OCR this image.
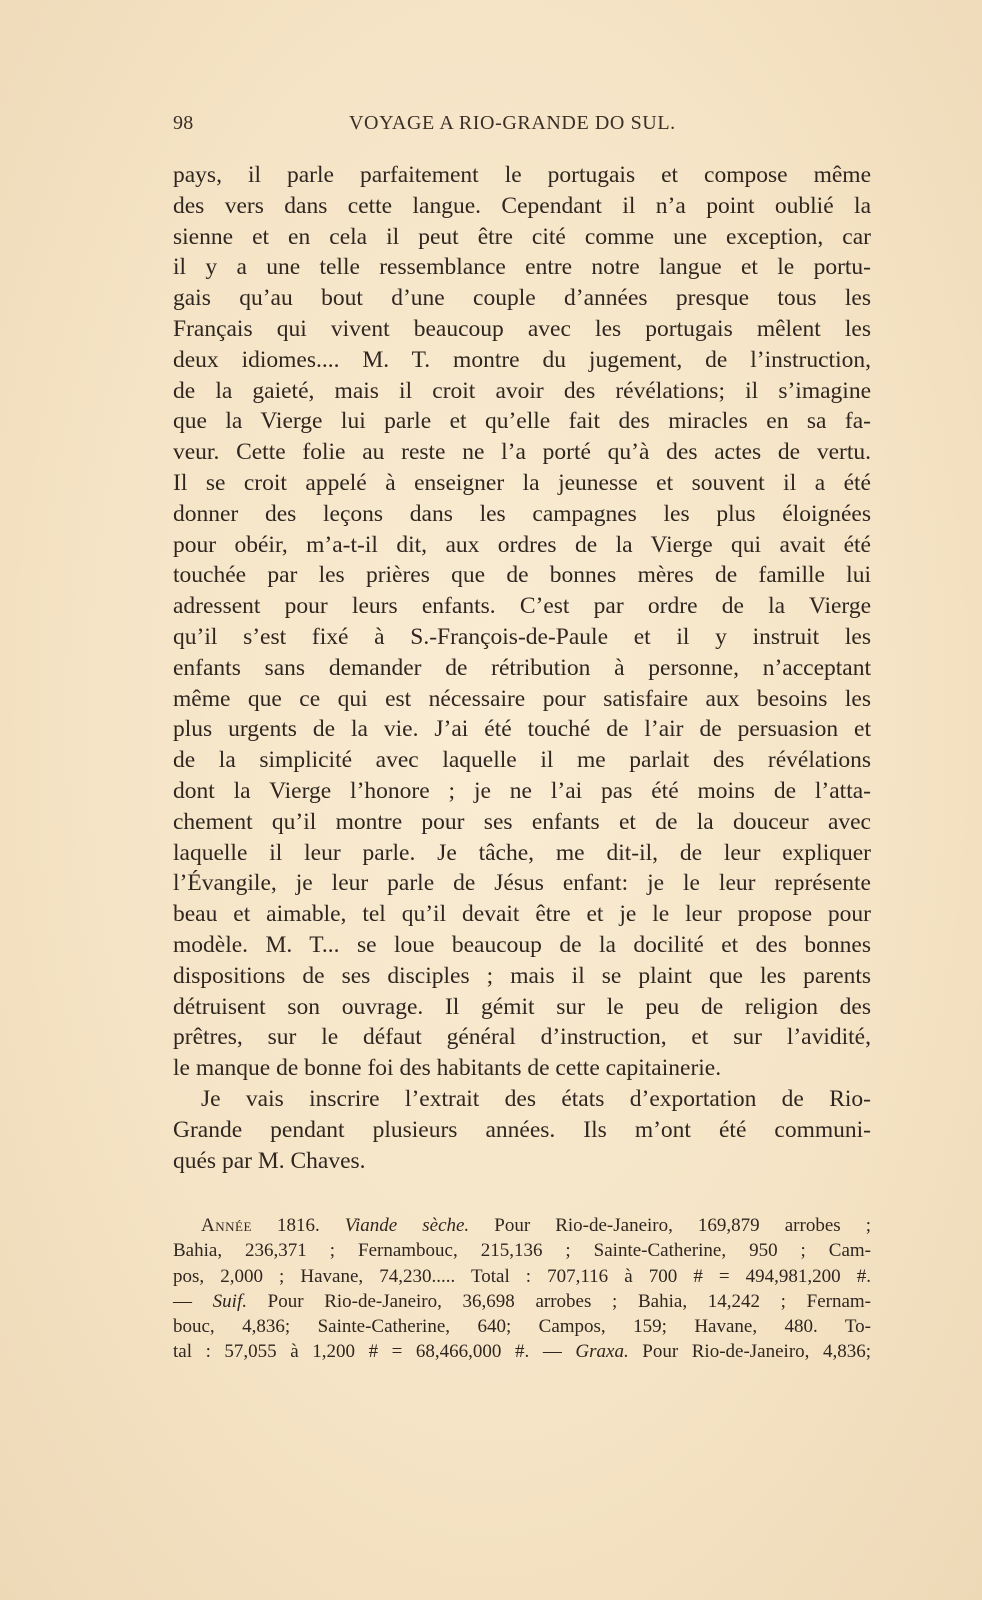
98	VOYAGE A RIO-GRANDE DO SUL.
pays, il parle parfaitement le portugais et compose même
des vers dans cette langue. Cependant il n’a point oublié la
sienne et en cela il peut être cité comme une exception, car
il y a une telle ressemblance entre notre langue et le portu-
gais qu’au bout d’une couple d’années presque tous les
Français qui vivent beaucoup avec les portugais mêlent les
deux idiomes.... M. T. montre du jugement, de l’instruction,
de la gaieté, mais il croit avoir des révélations; il s’imagine
que la Vierge lui parle et qu’elle fait des miracles en sa fa-
veur. Cette folie au reste ne l’a porté qu’à des actes de vertu.
Il se croit appelé à enseigner la jeunesse et souvent il a été
donner des leçons dans les campagnes les plus éloignées
pour obéir, m’a-t-il dit, aux ordres de la Vierge qui avait été
touchée par les prières que de bonnes mères de famille lui
adressent pour leurs enfants. C’est par ordre de la Vierge
qu’il s’est fixé à S.-François-de-Paule et il y instruit les
enfants sans demander de rétribution à personne, n’acceptant
même que ce qui est nécessaire pour satisfaire aux besoins les
plus urgents de la vie. J’ai été touché de l’air de persuasion et
de la simplicité avec laquelle il me parlait des révélations
dont la Vierge l’honore ; je ne l’ai pas été moins de l’atta-
chement qu’il montre pour ses enfants et de la douceur avec
laquelle il leur parle. Je tâche, me dit-il, de leur expliquer
l’Évangile, je leur parle de Jésus enfant: je le leur représente
beau et aimable, tel qu’il devait être et je le leur propose pour
modèle. M. T... se loue beaucoup de la docilité et des bonnes
dispositions de ses disciples ; mais il se plaint que les parents
détruisent son ouvrage. Il gémit sur le peu de religion des
prêtres, sur le défaut général d’instruction, et sur l’avidité,
le manque de bonne foi des habitants de cette capitainerie.
Je vais inscrire l’extrait des états d’exportation de Rio-
Grande pendant plusieurs années. Ils m’ont été communi-
qués par M. Chaves.
Année 1816. Viande sèche. Pour Rio-de-Janeiro, 169,879 arrobes ;
Bahia, 236,371 ; Fernambouc, 215,136 ; Sainte-Catherine, 950 ; Cam-
pos, 2,000 ; Havane, 74,230..... Total : 707,116 à 700 # = 494,981,200 #.
— Suif. Pour Rio-de-Janeiro, 36,698 arrobes ; Bahia, 14,242 ; Fernam-
bouc, 4,836; Sainte-Catherine, 640; Campos, 159; Havane, 480. To-
tal : 57,055 à 1,200 # = 68,466,000 #. — Graxa. Pour Rio-de-Janeiro, 4,836;
